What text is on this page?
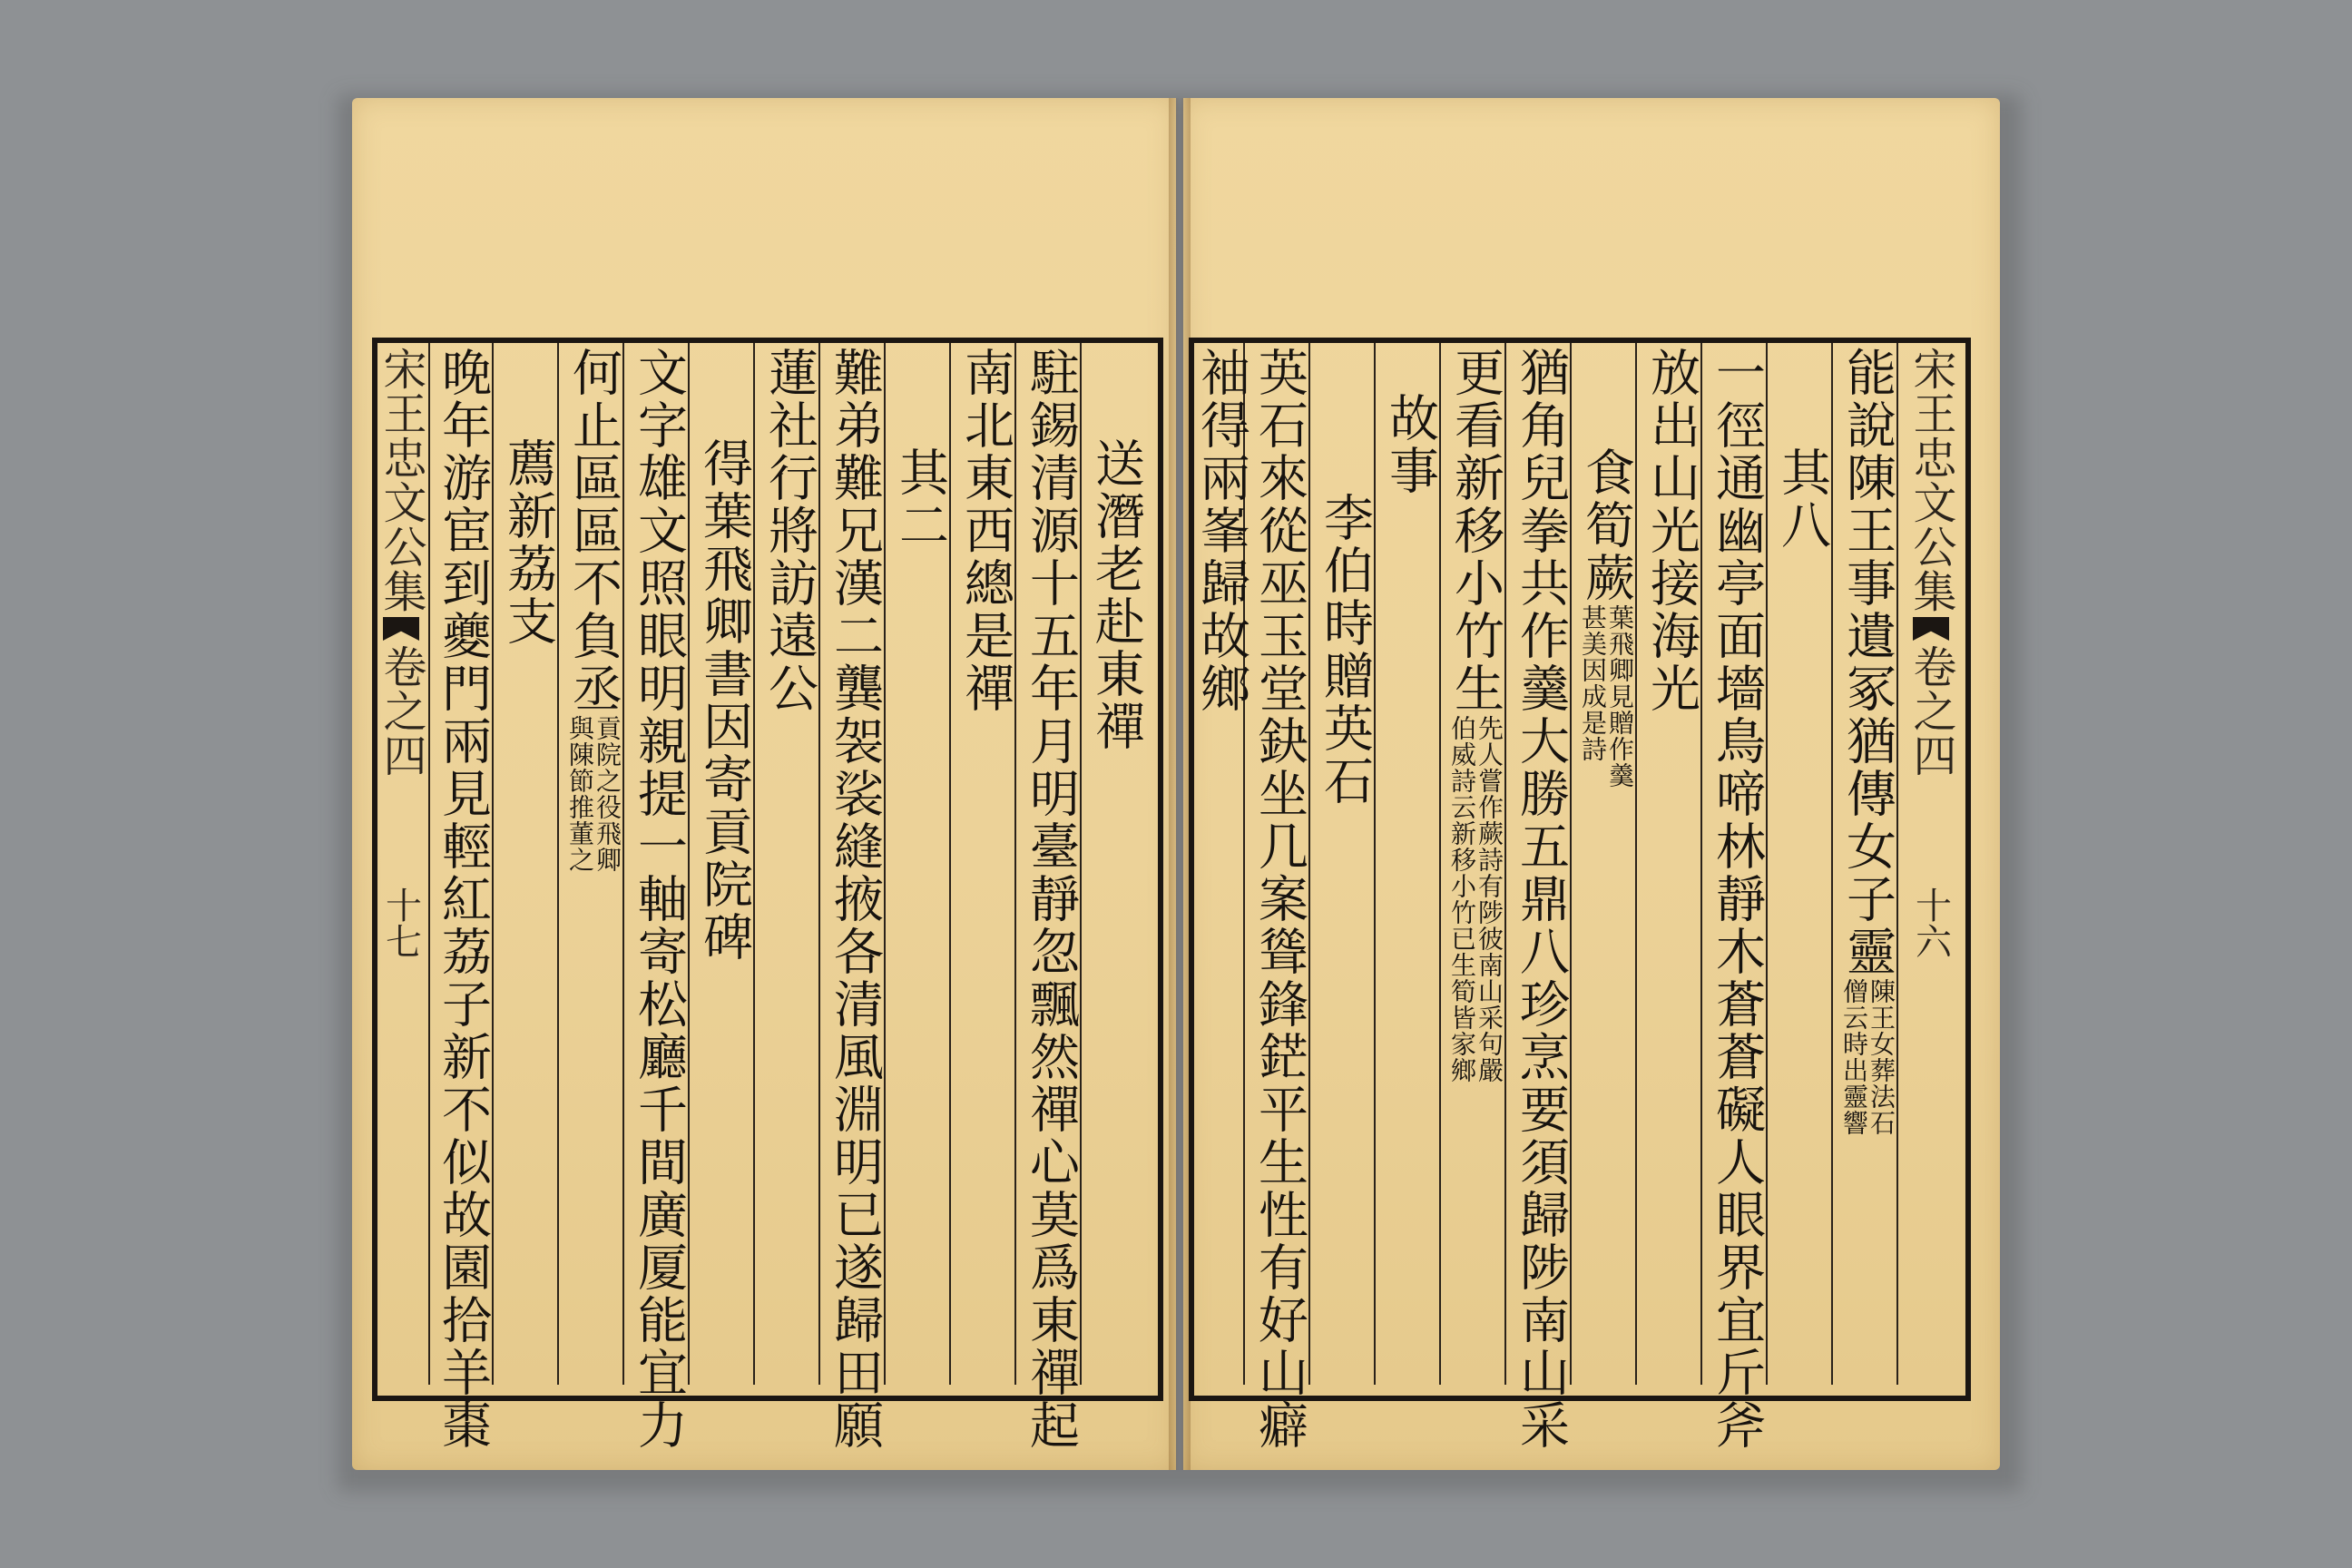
宋王忠文公集
卷之四
十六
能說陳王事遺冢猶傳女子靈
陳王女葬法石
僧云時出靈響
其八
一徑通幽亭面墻鳥啼林靜木蒼蒼礙人眼界宜斤斧
放出山光接海光
食筍蕨
葉飛卿見贈作羹
甚美因成是詩
猶角兒拳共作羹大勝五鼎八珍烹要須歸陟南山采
更看新移小竹生
先人嘗作蕨詩有陟彼南山采句嚴
伯威詩云新移小竹已生筍皆家鄉
故事
李伯時贈英石
英石來從巫玉堂鈌坐几案聳鋒鋩平生性有好山癖
袖得兩峯歸故鄉
送潛老赴東禪
駐錫清源十五年月明臺靜忽飄然禪心莫爲東禪起
南北東西總是禪
其二
難弟難兄漢二龔袈裟縫掖各清風淵明已遂歸田願
蓮社行將訪遠公
得葉飛卿書因寄貢院碑
文字雄文照眼明親提一軸寄松廳千間廣厦能宜力
何止區區不負丞
貢院之役飛卿
與陳節推董之
薦新荔支
晚年游宦到夔門兩見輕紅荔子新不似故園拾羊棗
宋王忠文公集
卷之四
十七
